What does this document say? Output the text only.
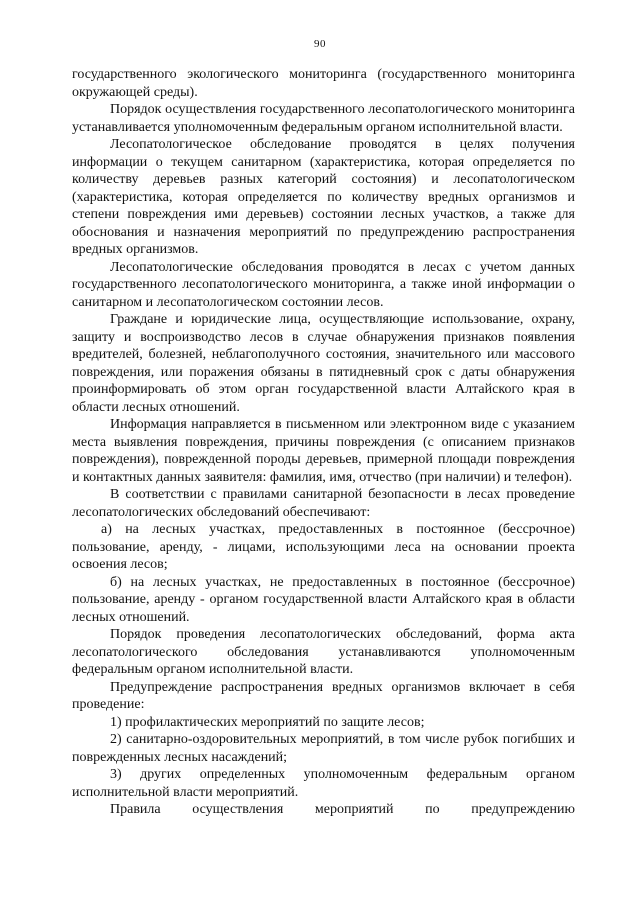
90

государственного экологического мониторинга (государственного мониторинга окружающей среды).

Порядок осуществления государственного лесопатологического мониторинга устанавливается уполномоченным федеральным органом исполнительной власти.

Лесопатологическое обследование проводятся в целях получения информации о текущем санитарном (характеристика, которая определяется по количеству деревьев разных категорий состояния) и лесопатологическом (характеристика, которая определяется по количеству вредных организмов и степени повреждения ими деревьев) состоянии лесных участков, а также для обоснования и назначения мероприятий по предупреждению распространения вредных организмов.

Лесопатологические обследования проводятся в лесах с учетом данных государственного лесопатологического мониторинга, а также иной информации о санитарном и лесопатологическом состоянии лесов.

Граждане и юридические лица, осуществляющие использование, охрану, защиту и воспроизводство лесов в случае обнаружения признаков появления вредителей, болезней, неблагополучного состояния, значительного или массового повреждения, или поражения обязаны в пятидневный срок с даты обнаружения проинформировать об этом орган государственной власти Алтайского края в области лесных отношений.

Информация направляется в письменном или электронном виде с указанием места выявления повреждения, причины повреждения (с описанием признаков повреждения), поврежденной породы деревьев, примерной площади повреждения и контактных данных заявителя: фамилия, имя, отчество (при наличии) и телефон).

В соответствии с правилами санитарной безопасности в лесах проведение лесопатологических обследований обеспечивают:

а) на лесных участках, предоставленных в постоянное (бессрочное) пользование, аренду, - лицами, использующими леса на основании проекта освоения лесов;

б) на лесных участках, не предоставленных в постоянное (бессрочное) пользование, аренду - органом государственной власти Алтайского края в области лесных отношений.

Порядок проведения лесопатологических обследований, форма акта лесопатологического обследования устанавливаются уполномоченным федеральным органом исполнительной власти.

Предупреждение распространения вредных организмов включает в себя проведение:

1) профилактических мероприятий по защите лесов;

2) санитарно-оздоровительных мероприятий, в том числе рубок погибших и поврежденных лесных насаждений;

3) других определенных уполномоченным федеральным органом исполнительной власти мероприятий.

Правила осуществления мероприятий по предупреждению
